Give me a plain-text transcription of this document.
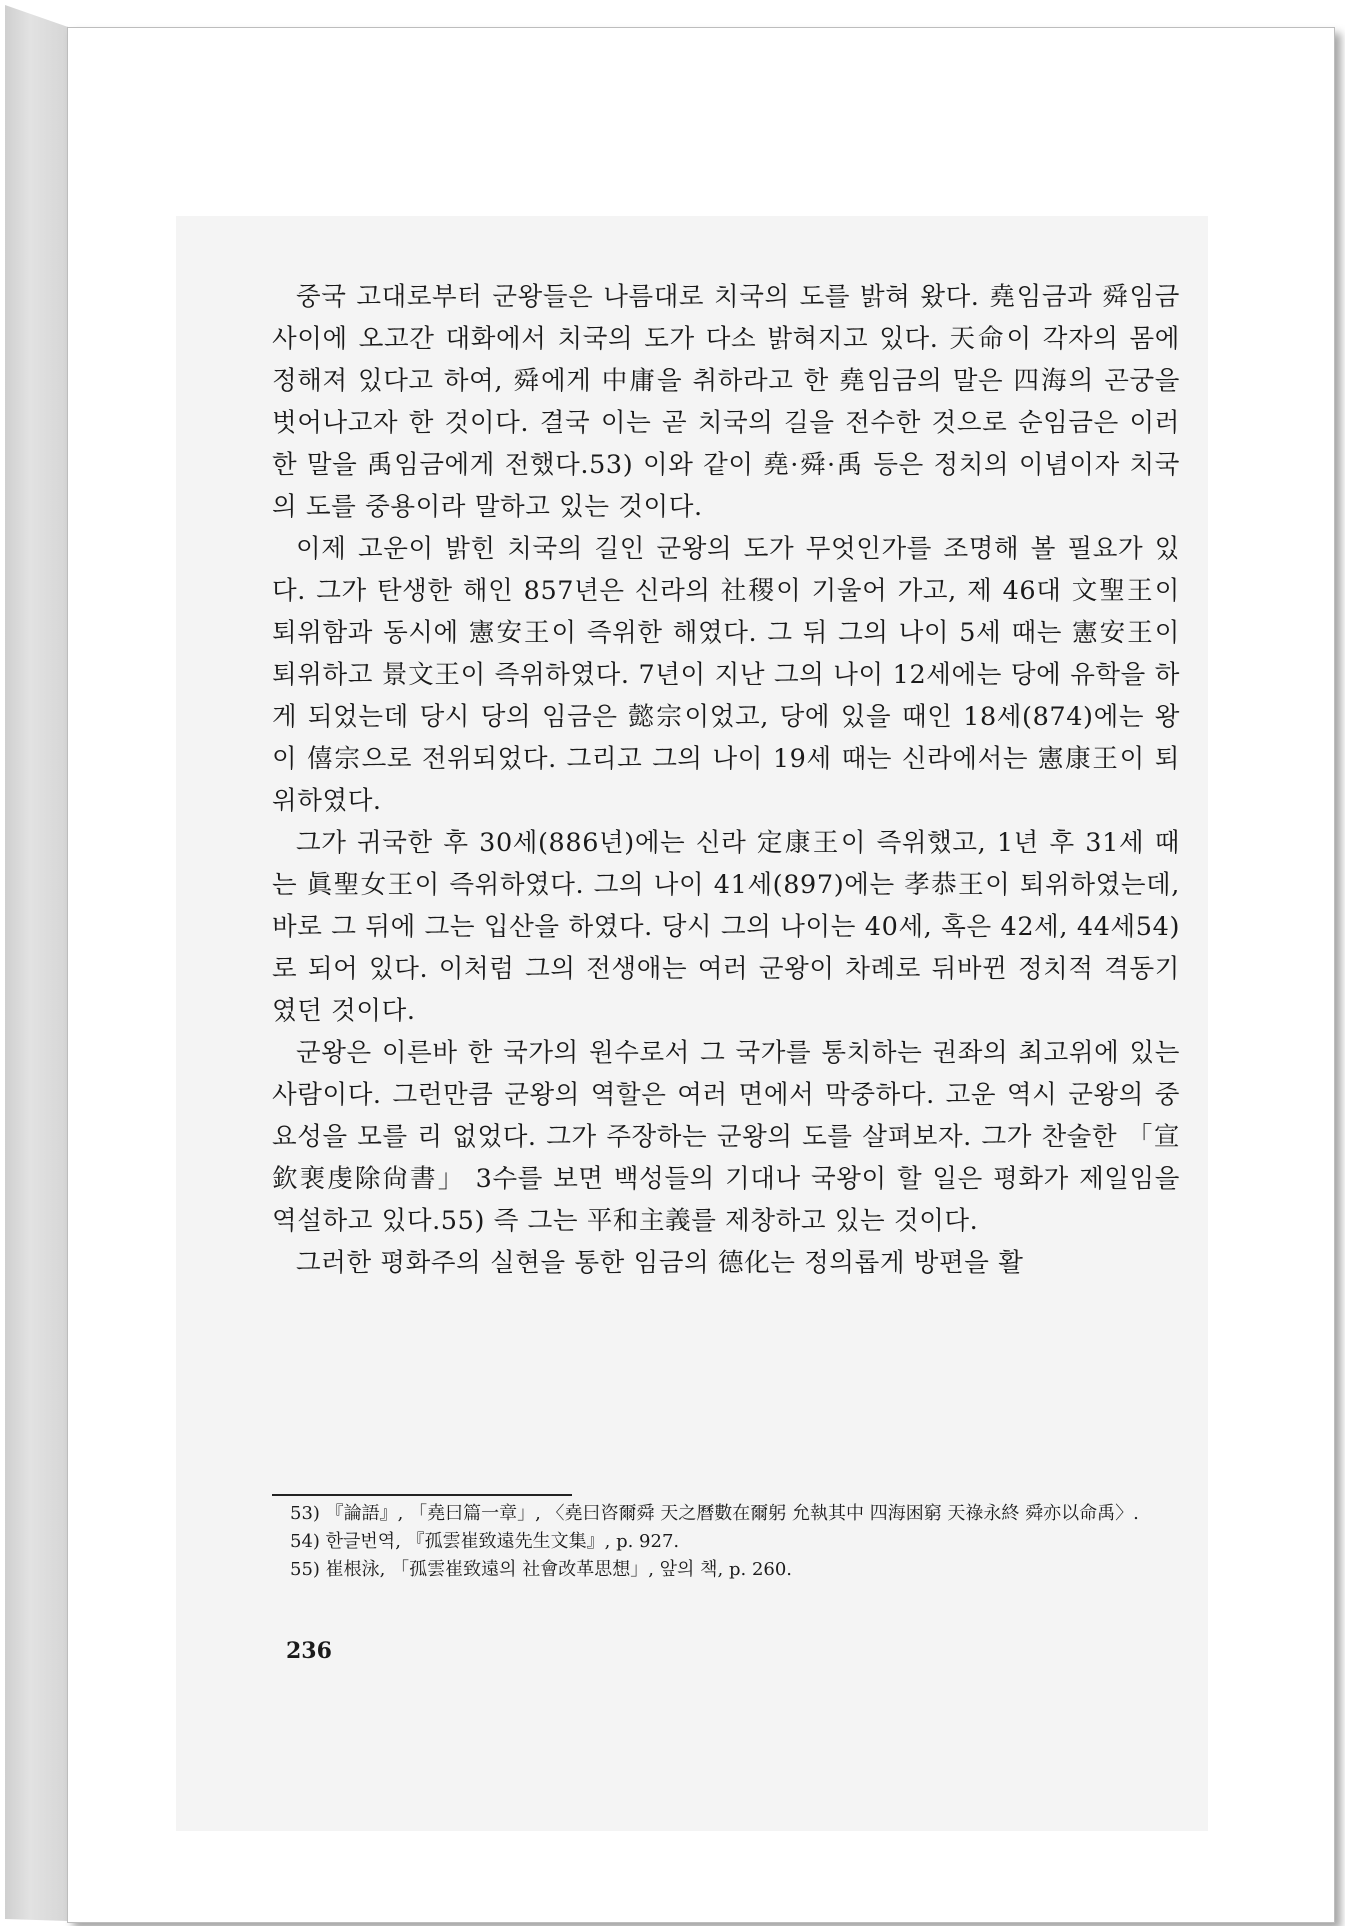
중국 고대로부터 군왕들은 나름대로 치국의 도를 밝혀 왔다. 堯임금과 舜임금 사이에 오고간 대화에서 치국의 도가 다소 밝혀지고 있다. 天命이 각자의 몸에 정해져 있다고 하여, 舜에게 中庸을 취하라고 한 堯임금의 말은 四海의 곤궁을 벗어나고자 한 것이다. 결국 이는 곧 치국의 길을 전수한 것으로 순임금은 이러한 말을 禹임금에게 전했다.53) 이와 같이 堯·舜·禹 등은 정치의 이념이자 치국의 도를 중용이라 말하고 있는 것이다.

이제 고운이 밝힌 치국의 길인 군왕의 도가 무엇인가를 조명해 볼 필요가 있다. 그가 탄생한 해인 857년은 신라의 社稷이 기울어 가고, 제 46대 文聖王이 퇴위함과 동시에 憲安王이 즉위한 해였다. 그 뒤 그의 나이 5세 때는 憲安王이 퇴위하고 景文王이 즉위하였다. 7년이 지난 그의 나이 12세에는 당에 유학을 하게 되었는데 당시 당의 임금은 懿宗이었고, 당에 있을 때인 18세(874)에는 왕이 僖宗으로 전위되었다. 그리고 그의 나이 19세 때는 신라에서는 憲康王이 퇴위하였다.

그가 귀국한 후 30세(886년)에는 신라 定康王이 즉위했고, 1년 후 31세 때는 眞聖女王이 즉위하였다. 그의 나이 41세(897)에는 孝恭王이 퇴위하였는데, 바로 그 뒤에 그는 입산을 하였다. 당시 그의 나이는 40세, 혹은 42세, 44세54)로 되어 있다. 이처럼 그의 전생애는 여러 군왕이 차례로 뒤바뀐 정치적 격동기였던 것이다.

군왕은 이른바 한 국가의 원수로서 그 국가를 통치하는 권좌의 최고위에 있는 사람이다. 그런만큼 군왕의 역할은 여러 면에서 막중하다. 고운 역시 군왕의 중요성을 모를 리 없었다. 그가 주장하는 군왕의 도를 살펴보자. 그가 찬술한 「宣欽裵虔除尙書」 3수를 보면 백성들의 기대나 국왕이 할 일은 평화가 제일임을 역설하고 있다.55) 즉 그는 平和主義를 제창하고 있는 것이다.

그러한 평화주의 실현을 통한 임금의 德化는 정의롭게 방편을 활

53) 『論語』, 「堯曰篇一章」, 〈堯曰咨爾舜 天之曆數在爾躬 允執其中 四海困窮 天祿永終 舜亦以命禹〉.

54) 한글번역, 『孤雲崔致遠先生文集』, p. 927.

55) 崔根泳, 「孤雲崔致遠의 社會改革思想」, 앞의 책, p. 260.

236
